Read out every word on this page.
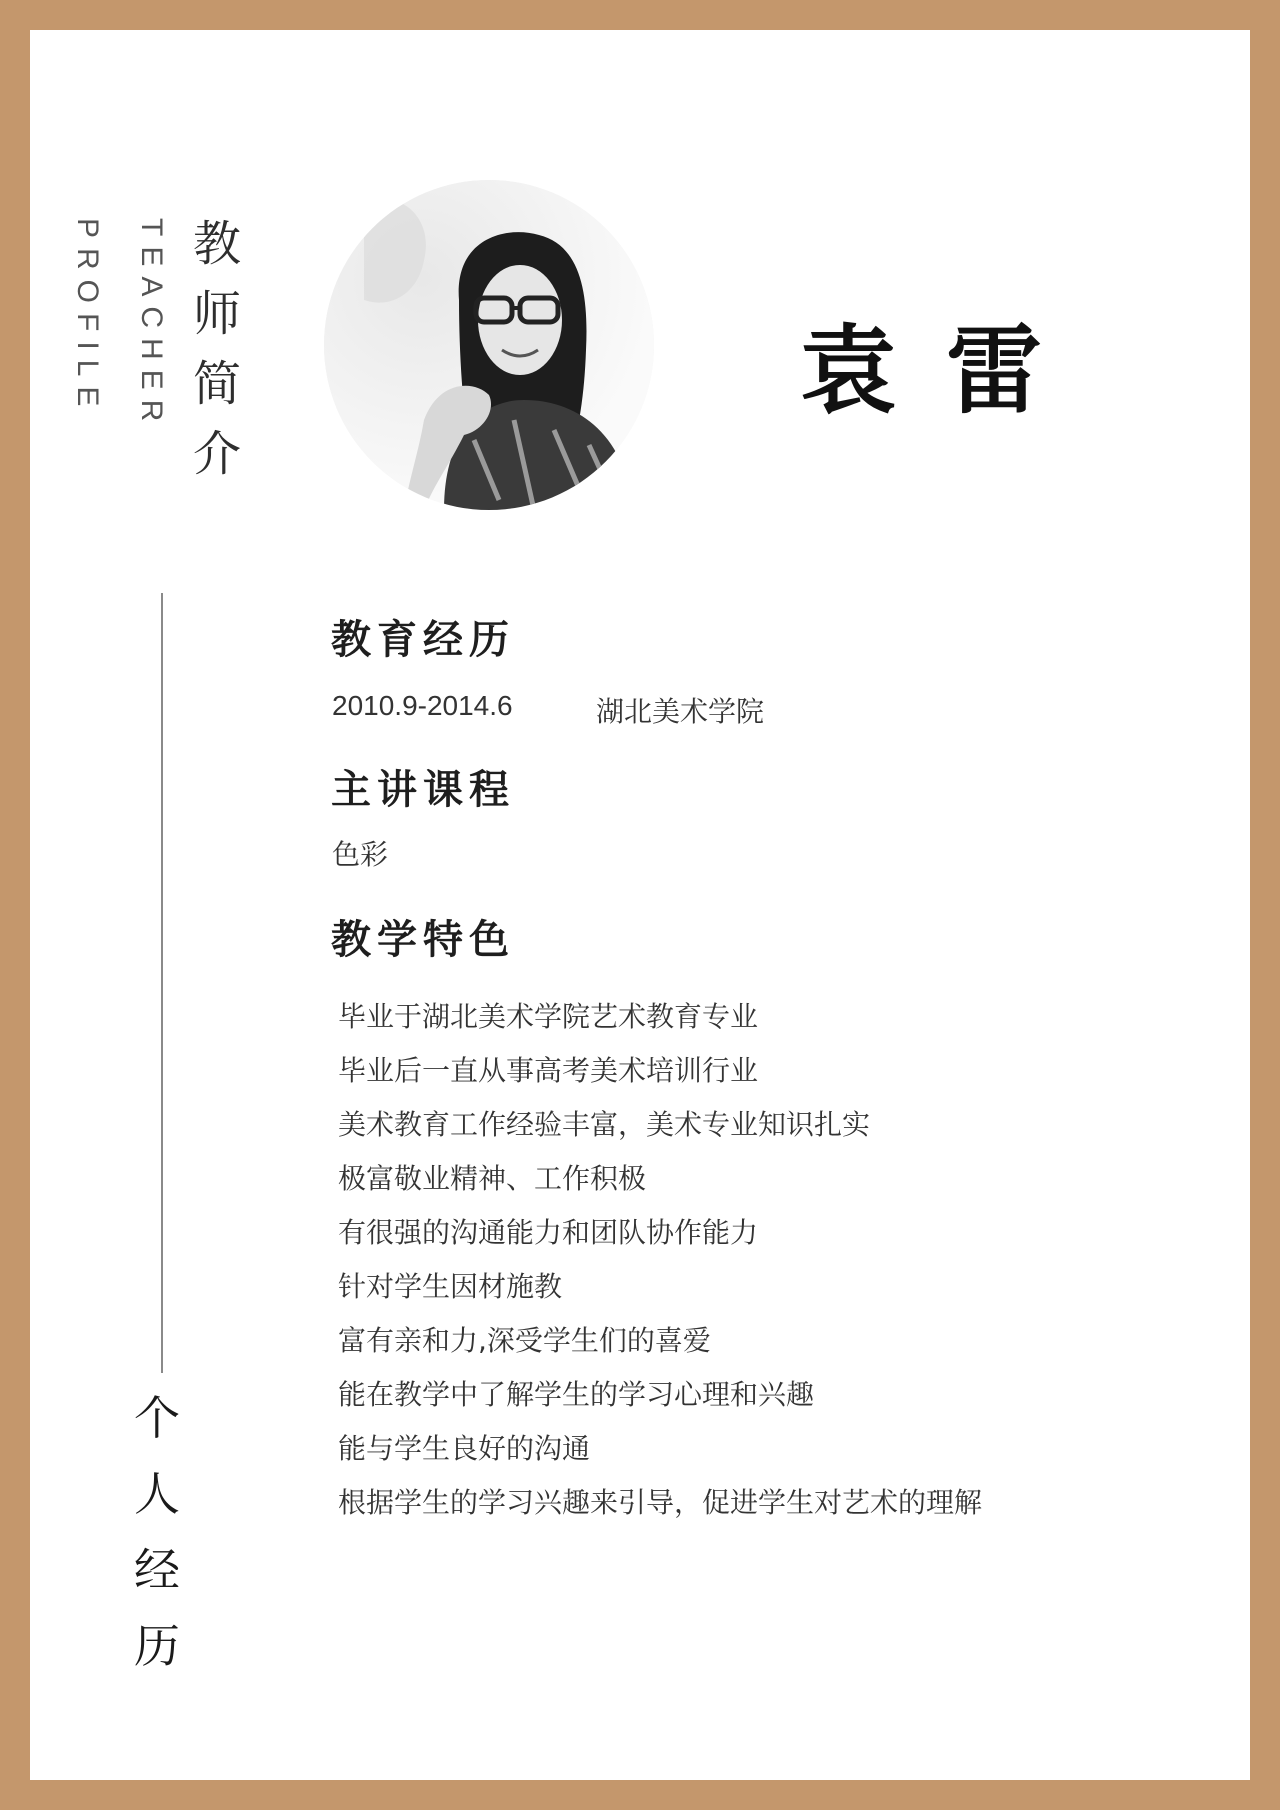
教
师
简
介
TEACHER
PROFILE
个
人
经
历
袁雷
教育经历
2010.9-2014.6	湖北美术学院
主讲课程
色彩
教学特色
毕业于湖北美术学院艺术教育专业
毕业后一直从事高考美术培训行业
美术教育工作经验丰富，美术专业知识扎实
极富敬业精神、工作积极
有很强的沟通能力和团队协作能力
针对学生因材施教
富有亲和力,深受学生们的喜爱
能在教学中了解学生的学习心理和兴趣
能与学生良好的沟通
根据学生的学习兴趣来引导，促进学生对艺术的理解
